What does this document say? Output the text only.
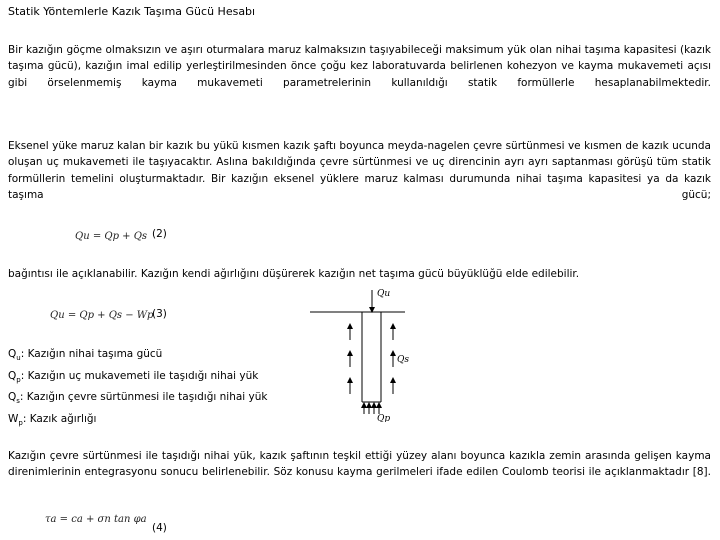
Statik Yöntemlerle Kazık Taşıma Gücü Hesabı
Bir kazığın göçme olmaksızın ve aşırı oturmalara maruz kalmaksızın taşıyabileceği maksimum yük olan nihai taşıma kapasitesi (kazık taşıma gücü), kazığın imal edilip yerleştirilmesinden önce çoğu kez laboratuvarda belirlenen kohezyon ve kayma mukavemeti açısı gibi örselenmemiş kayma mukavemeti parametrelerinin kullanıldığı statik formüllerle hesaplanabilmektedir.
Eksenel yüke maruz kalan bir kazık bu yükü kısmen kazık şaftı boyunca meyda-nagelen çevre sürtünmesi ve kısmen de kazık ucunda oluşan uç mukavemeti ile taşıyacaktır. Aslına bakıldığında çevre sürtünmesi ve uç direncinin ayrı ayrı saptanması görüşü tüm statik formüllerin temelini oluşturmaktadır. Bir kazığın eksenel yüklere maruz kalması durumunda nihai taşıma kapasitesi ya da kazık taşıma gücü;
Qu = Qp + Qs (2)
bağıntısı ile açıklanabilir. Kazığın kendi ağırlığını düşürerek kazığın net taşıma gücü büyüklüğü elde edilebilir.
Qu = Qp + Qs − Wp
(3)
$Q_u$: Kazığın nihai taşıma gücü
$Q_p$: Kazığın uç mukavemeti ile taşıdığı nihai yük
$Q_s$: Kazığın çevre sürtünmesi ile taşıdığı nihai yük
$W_p$: Kazık ağırlığı
Qu
Qs
Qp
Kazığın çevre sürtünmesi ile taşıdığı nihai yük, kazık şaftının teşkil ettiği yüzey alanı boyunca kazıkla zemin arasında gelişen kayma direnimlerinin entegrasyonu sonucu belirlenebilir. Söz konusu kayma gerilmeleri ifade edilen Coulomb teorisi ile açıklanmaktadır [8].
τa = ca + σn tan φa
(4)
